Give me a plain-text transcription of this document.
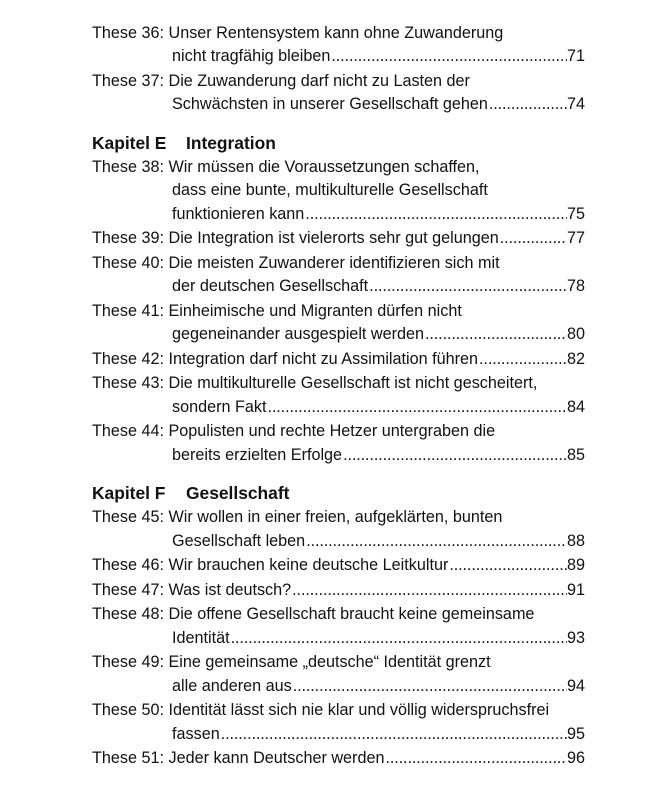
These 36:
Unser Rentensystem kann ohne Zuwanderung
nicht tragfähig bleiben . . .	71
These 37:
Die Zuwanderung darf nicht zu Lasten der
Schwächsten in unserer Gesellschaft gehen . . .	74
Kapitel E Integration
These 38:
Wir müssen die Voraussetzungen schaffen,
dass eine bunte, multikulturelle Gesellschaft
funktionieren kann . . .	75
These 39:
Die Integration ist vielerorts sehr gut gelungen . . .	77
These 40:
Die meisten Zuwanderer identifizieren sich mit
der deutschen Gesellschaft . . .	78
These 41:
Einheimische und Migranten dürfen nicht
gegeneinander ausgespielt werden . . .	80
These 42:
Integration darf nicht zu Assimilation führen . . .	82
These 43:
Die multikulturelle Gesellschaft ist nicht gescheitert,
sondern Fakt . . .	84
These 44:
Populisten und rechte Hetzer untergraben die
bereits erzielten Erfolge . . .	85
Kapitel F Gesellschaft
These 45:
Wir wollen in einer freien, aufgeklärten, bunten
Gesellschaft leben . . .	88
These 46:
Wir brauchen keine deutsche Leitkultur . . .	89
These 47:
Was ist deutsch? . . .	91
These 48:
Die offene Gesellschaft braucht keine gemeinsame
Identität . . .	93
These 49:
Eine gemeinsame „deutsche“ Identität grenzt
alle anderen aus . . .	94
These 50:
Identität lässt sich nie klar und völlig widerspruchsfrei
fassen . . .	95
These 51:
Jeder kann Deutscher werden . . .	96
